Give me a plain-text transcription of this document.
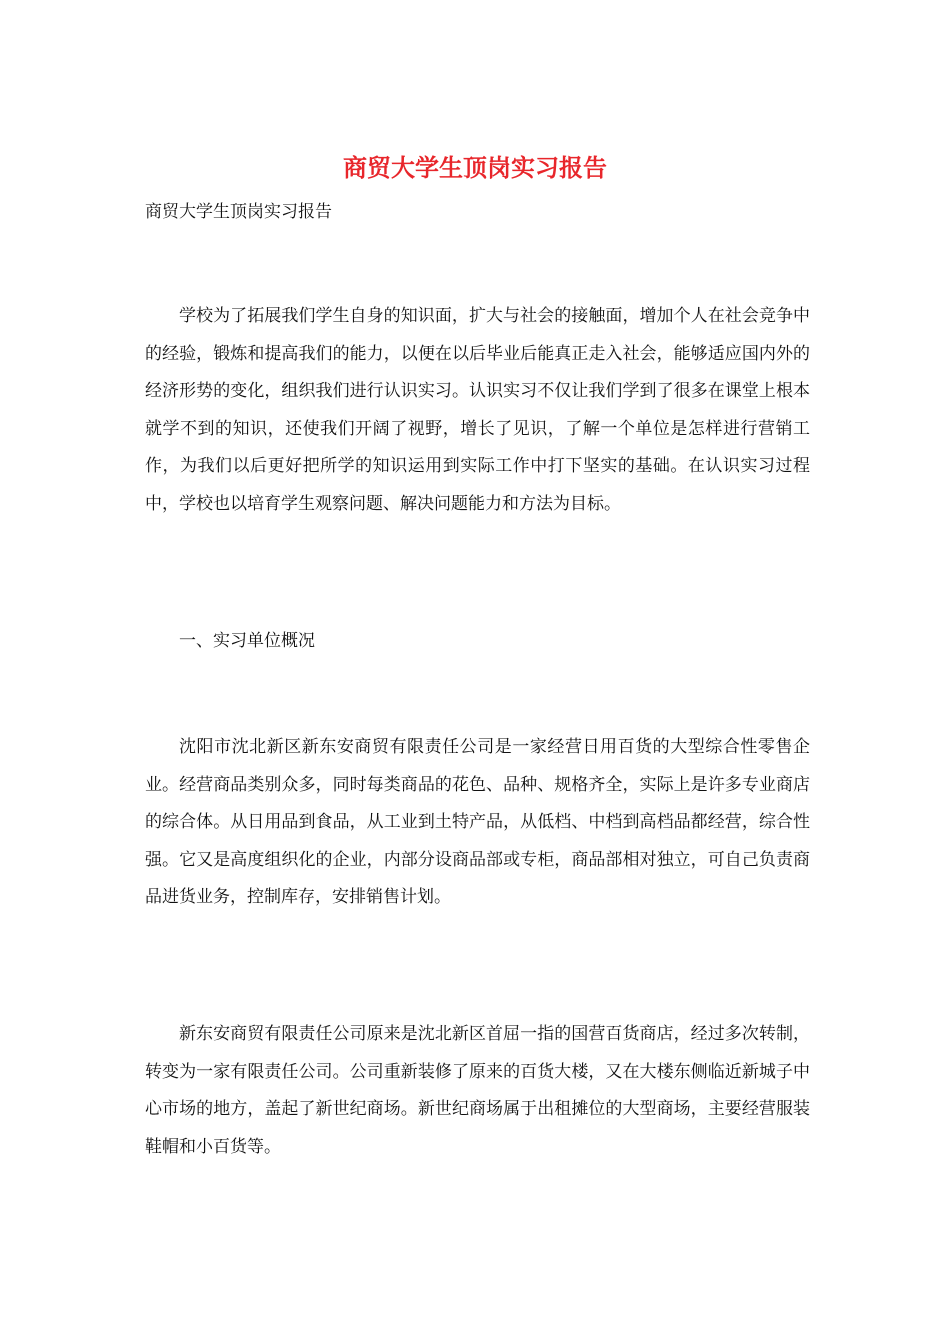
商贸大学生顶岗实习报告

商贸大学生顶岗实习报告

学校为了拓展我们学生自身的知识面，扩大与社会的接触面，增加个人在社会竞争中的经验，锻炼和提高我们的能力，以便在以后毕业后能真正走入社会，能够适应国内外的经济形势的变化，组织我们进行认识实习。认识实习不仅让我们学到了很多在课堂上根本就学不到的知识，还使我们开阔了视野，增长了见识，了解一个单位是怎样进行营销工作，为我们以后更好把所学的知识运用到实际工作中打下坚实的基础。在认识实习过程中，学校也以培育学生观察问题、解决问题能力和方法为目标。

一、实习单位概况

沈阳市沈北新区新东安商贸有限责任公司是一家经营日用百货的大型综合性零售企业。经营商品类别众多，同时每类商品的花色、品种、规格齐全，实际上是许多专业商店的综合体。从日用品到食品，从工业到土特产品，从低档、中档到高档品都经营，综合性强。它又是高度组织化的企业，内部分设商品部或专柜，商品部相对独立，可自己负责商品进货业务，控制库存，安排销售计划。

新东安商贸有限责任公司原来是沈北新区首屈一指的国营百货商店，经过多次转制，转变为一家有限责任公司。公司重新装修了原来的百货大楼，又在大楼东侧临近新城子中心市场的地方，盖起了新世纪商场。新世纪商场属于出租摊位的大型商场，主要经营服装鞋帽和小百货等。
